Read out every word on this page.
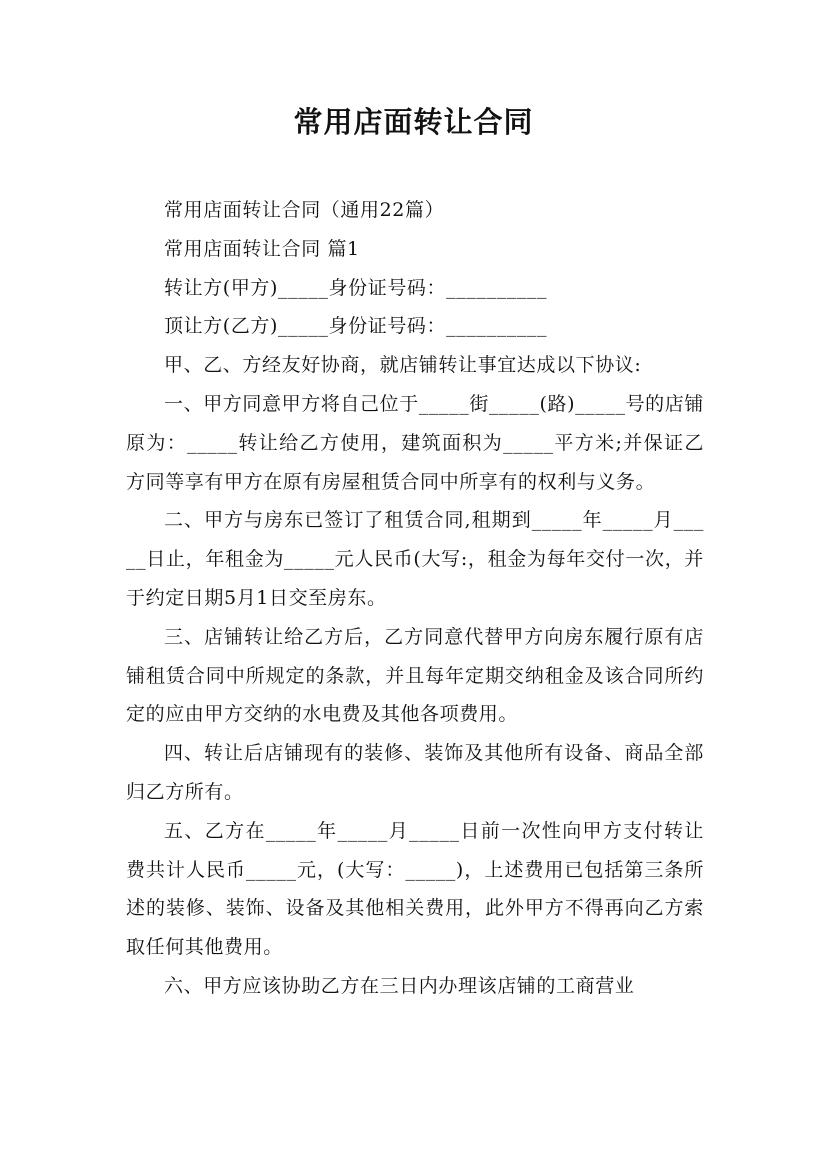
常用店面转让合同

常用店面转让合同（通用22篇）

常用店面转让合同 篇1

转让方(甲方)_____身份证号码：__________

顶让方(乙方)_____身份证号码：__________

甲、乙、方经友好协商，就店铺转让事宜达成以下协议:

一、甲方同意甲方将自己位于_____街_____(路)_____号的店铺原为：_____转让给乙方使用，建筑面积为_____平方米;并保证乙方同等享有甲方在原有房屋租赁合同中所享有的权利与义务。

二、甲方与房东已签订了租赁合同,租期到_____年_____月_____日止，年租金为_____元人民币(大写:，租金为每年交付一次，并于约定日期5月1日交至房东。

三、店铺转让给乙方后，乙方同意代替甲方向房东履行原有店铺租赁合同中所规定的条款，并且每年定期交纳租金及该合同所约定的应由甲方交纳的水电费及其他各项费用。

四、转让后店铺现有的装修、装饰及其他所有设备、商品全部归乙方所有。

五、乙方在_____年_____月_____日前一次性向甲方支付转让费共计人民币_____元，(大写：_____)，上述费用已包括第三条所述的装修、装饰、设备及其他相关费用，此外甲方不得再向乙方索取任何其他费用。

六、甲方应该协助乙方在三日内办理该店铺的工商营业
